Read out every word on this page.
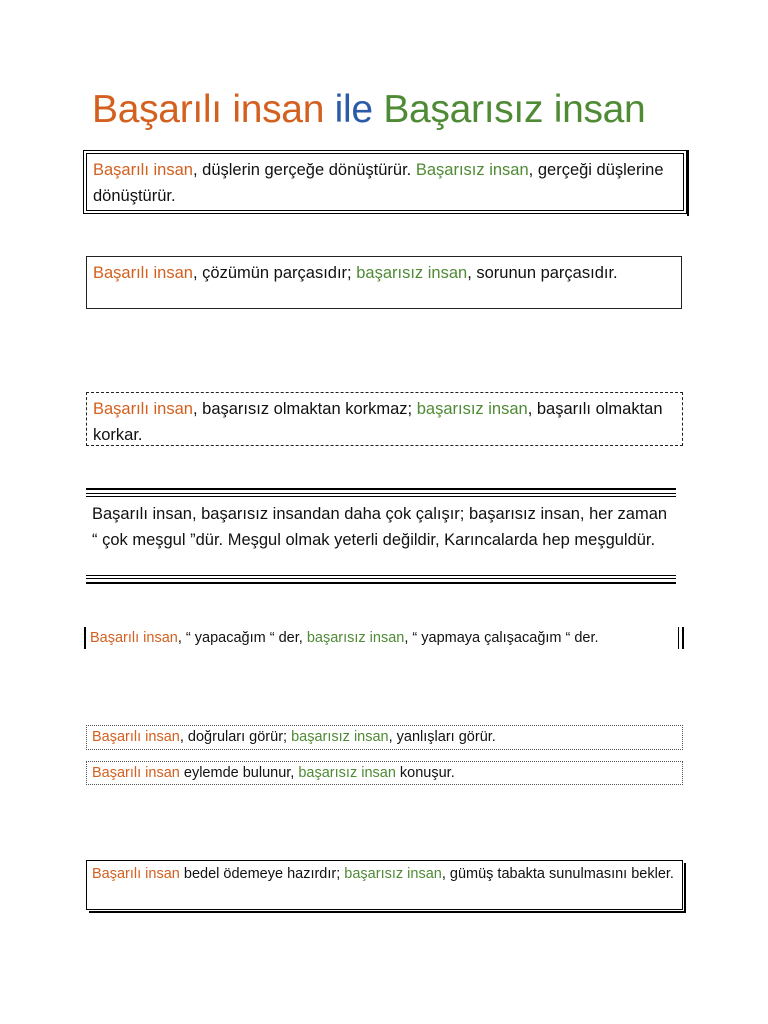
Başarılı insan ile Başarısız insan
Başarılı insan, düşlerin gerçeğe dönüştürür. Başarısız insan, gerçeği düşlerine dönüştürür.
Başarılı insan, çözümün parçasıdır; başarısız insan, sorunun parçasıdır.
Başarılı insan, başarısız olmaktan korkmaz; başarısız insan, başarılı olmaktan korkar.
Başarılı insan, başarısız insandan daha çok çalışır; başarısız insan, her zaman “ çok meşgul ”dür. Meşgul olmak yeterli değildir, Karıncalarda hep meşguldür.
Başarılı insan, “ yapacağım “ der, başarısız insan, “ yapmaya çalışacağım “ der.
Başarılı insan, doğruları görür; başarısız insan, yanlışları görür.
Başarılı insan eylemde bulunur, başarısız insan konuşur.
Başarılı insan bedel ödemeye hazırdır; başarısız insan, gümüş tabakta sunulmasını bekler.
